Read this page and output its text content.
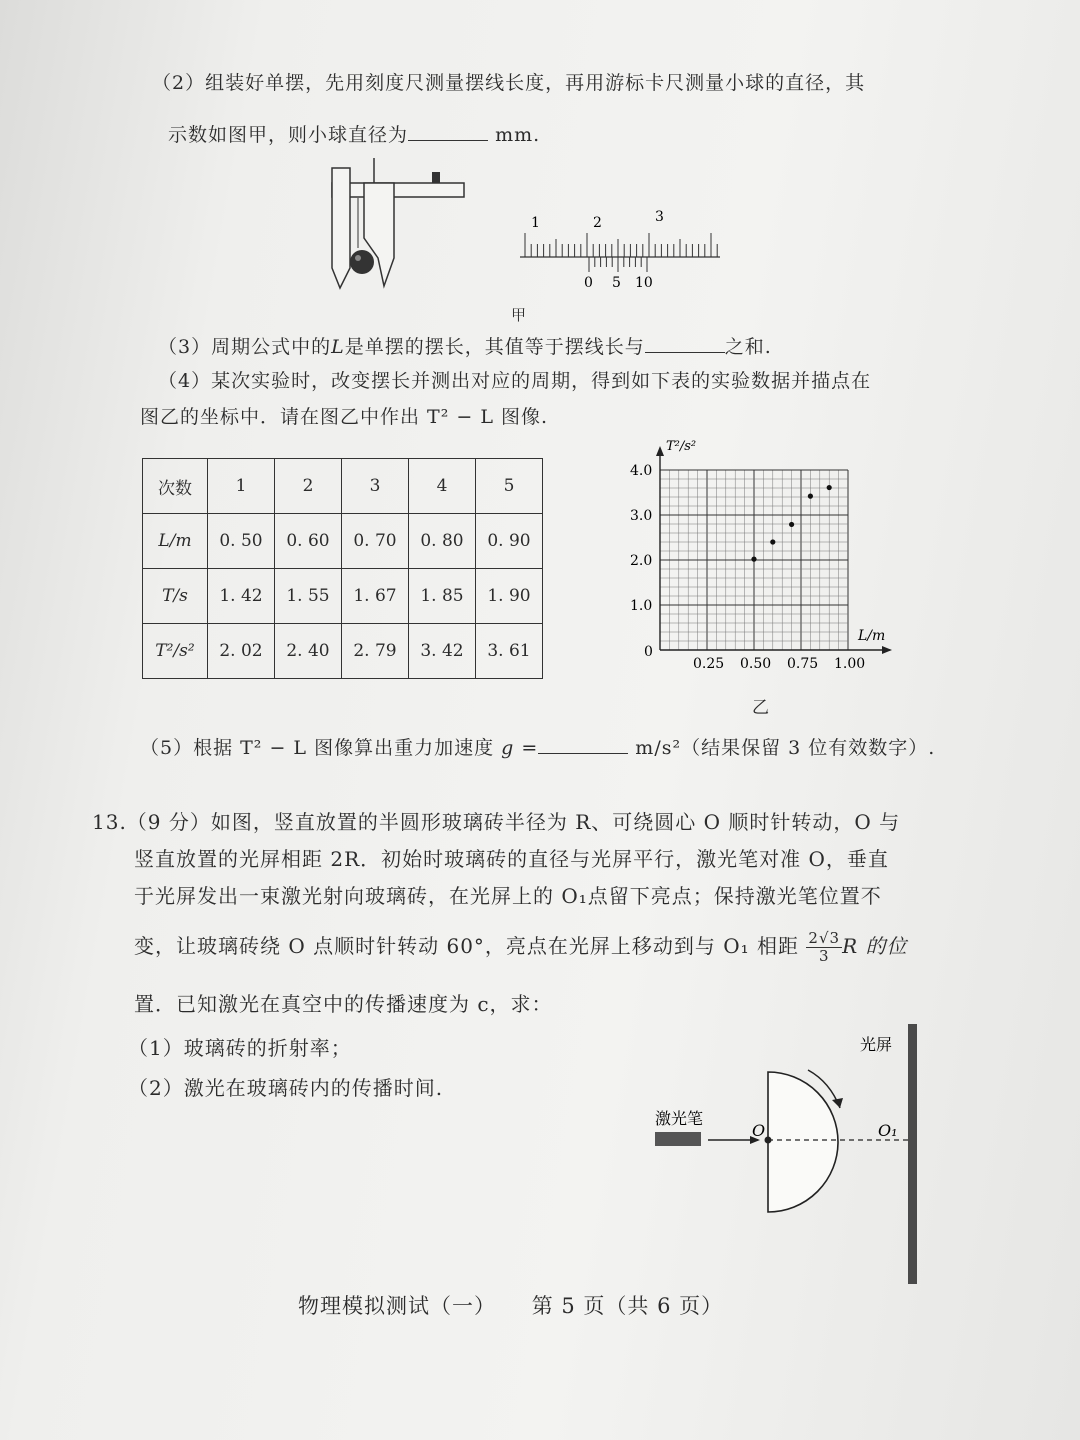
（2）组装好单摆，先用刻度尺测量摆线长度，再用游标卡尺测量小球的直径，其
示数如图甲，则小球直径为	mm.
1	2	3
0 5 10
甲
（3）周期公式中的L是单摆的摆长，其值等于摆线长与	之和.
（4）某次实验时，改变摆长并测出对应的周期，得到如下表的实验数据并描点在
图乙的坐标中．请在图乙中作出 T² − L 图像.
次数	1	2	3	4	5
L/m	0. 50	0. 60	0. 70	0. 80	0. 90
T/s	1. 42	1. 55	1. 67	1. 85	1. 90
T²/s²	2. 02	2. 40	2. 79	3. 42	3. 61
0.25 0.50 0.75 1.00
1.0
2.0
3.0
4.0
L/m
T²/s²
0
乙
（5）根据 T² − L 图像算出重力加速度 g =	m/s²（结果保留 3 位有效数字）.
13.（9 分）如图，竖直放置的半圆形玻璃砖半径为 R、可绕圆心 O 顺时针转动，O 与
竖直放置的光屏相距 2R．初始时玻璃砖的直径与光屏平行，激光笔对准 O，垂直
于光屏发出一束激光射向玻璃砖，在光屏上的 O₁点留下亮点；保持激光笔位置不
变，让玻璃砖绕 O 点顺时针转动 60°，亮点在光屏上移动到与 O₁ 相距 $\frac{2√3}{3}$ R 的位
置．已知激光在真空中的传播速度为 c，求：
（1）玻璃砖的折射率；
（2）激光在玻璃砖内的传播时间.
光屏
激光笔
O	O₁
物理模拟测试（一） 第 5 页（共 6 页）
